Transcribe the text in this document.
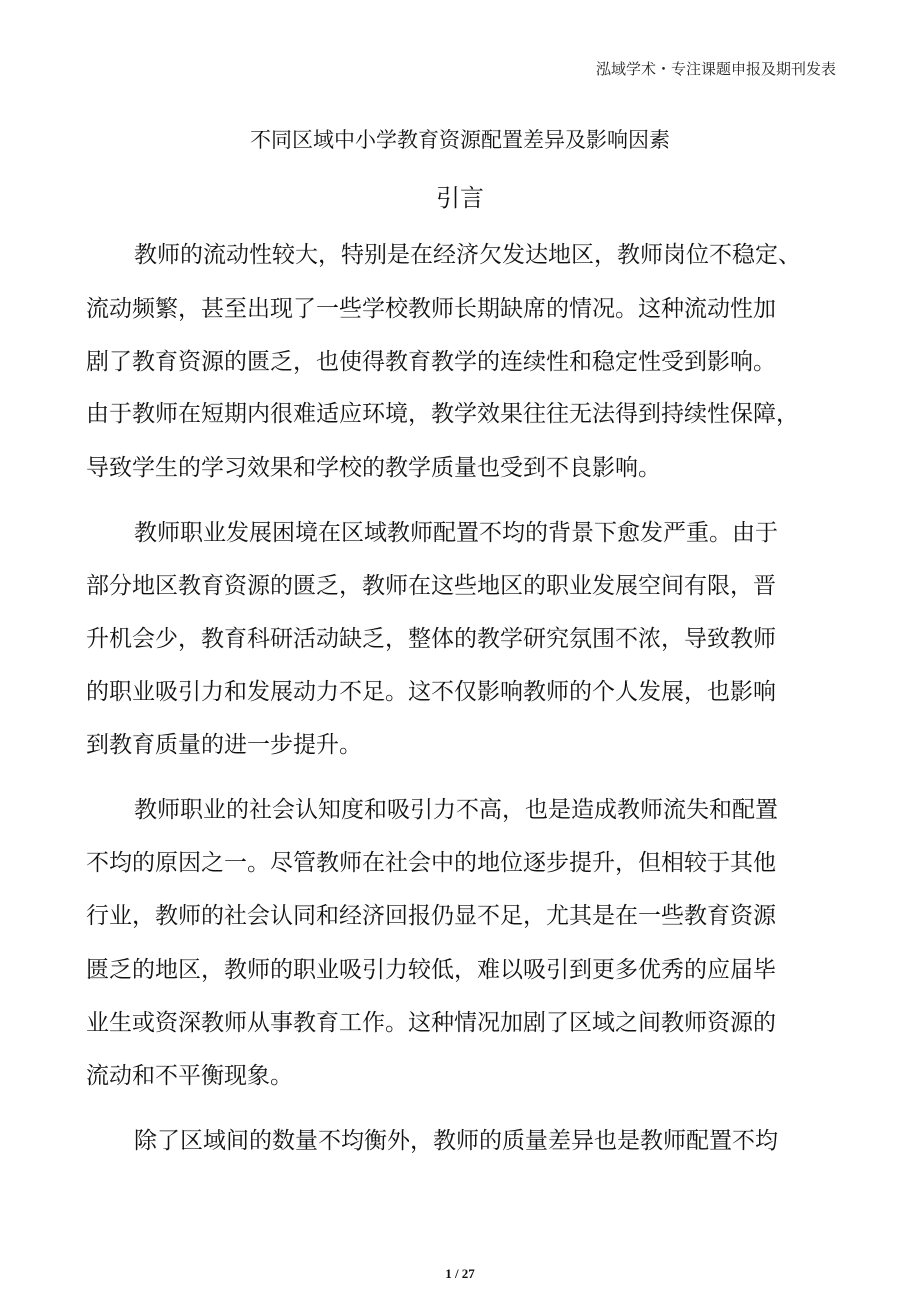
泓域学术・专注课题申报及期刊发表
不同区域中小学教育资源配置差异及影响因素
引言
教师的流动性较大，特别是在经济欠发达地区，教师岗位不稳定、
流动频繁，甚至出现了一些学校教师长期缺席的情况。这种流动性加
剧了教育资源的匮乏，也使得教育教学的连续性和稳定性受到影响。
由于教师在短期内很难适应环境，教学效果往往无法得到持续性保障，
导致学生的学习效果和学校的教学质量也受到不良影响。
教师职业发展困境在区域教师配置不均的背景下愈发严重。由于
部分地区教育资源的匮乏，教师在这些地区的职业发展空间有限，晋
升机会少，教育科研活动缺乏，整体的教学研究氛围不浓，导致教师
的职业吸引力和发展动力不足。这不仅影响教师的个人发展，也影响
到教育质量的进一步提升。
教师职业的社会认知度和吸引力不高，也是造成教师流失和配置
不均的原因之一。尽管教师在社会中的地位逐步提升，但相较于其他
行业，教师的社会认同和经济回报仍显不足，尤其是在一些教育资源
匮乏的地区，教师的职业吸引力较低，难以吸引到更多优秀的应届毕
业生或资深教师从事教育工作。这种情况加剧了区域之间教师资源的
流动和不平衡现象。
除了区域间的数量不均衡外，教师的质量差异也是教师配置不均
1 / 27
